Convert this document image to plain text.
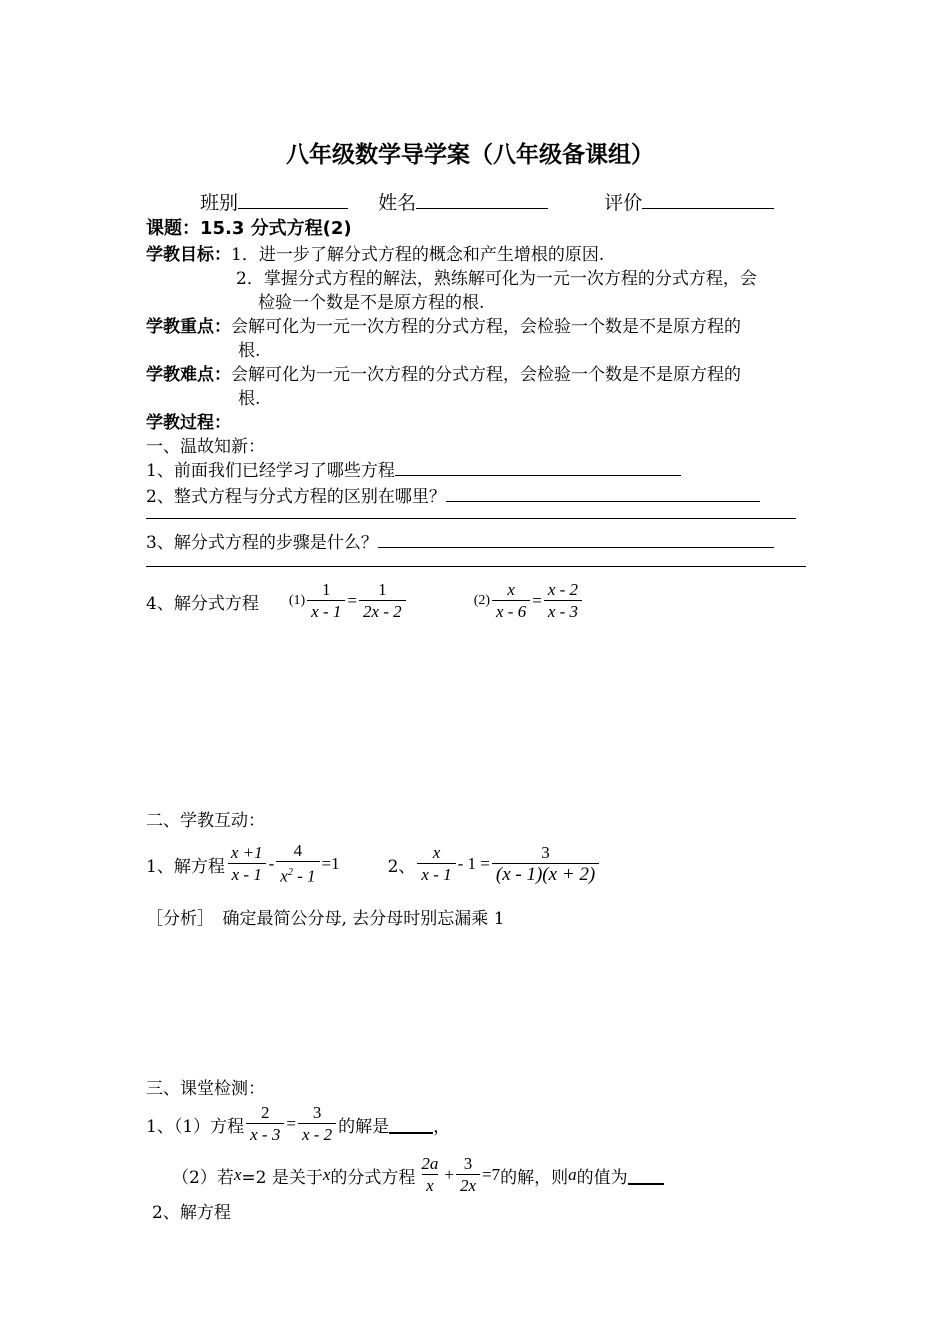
八年级数学导学案（八年级备课组）
班别	姓名	评价
课题：15.3 分式方程(2)
学教目标：1．进一步了解分式方程的概念和产生增根的原因.
2．掌握分式方程的解法，熟练解可化为一元一次方程的分式方程，会
检验一个数是不是原方程的根.
学教重点：会解可化为一元一次方程的分式方程，会检验一个数是不是原方程的
根.
学教难点：会解可化为一元一次方程的分式方程，会检验一个数是不是原方程的
根.
学教过程：
一、温故知新：
1、前面我们已经学习了哪些方程
2、整式方程与分式方程的区别在哪里？
3、解分式方程的步骤是什么？
4、解分式方程 $(1) \frac{1}{x - 1} = \frac{1}{2x - 2}$	$(2) \frac{x}{x - 6} = \frac{x - 2}{x - 3}$
二、学教互动：
1、解方程 $\frac{x +1}{x - 1} - \frac{4}{x^2 - 1} =1$	2、 $\frac{x}{x - 1} - 1 = \frac{3}{(x - 1)(x + 2)}$
［分析］　确定最简公分母, 去分母时别忘漏乘 1
三、课堂检测：
1、（1）方程 $\frac{2}{x - 3} = \frac{3}{x - 2}$ 的解是	，
（2）若 x =2 是关于 x 的分式方程 $\frac{2a}{x} + \frac{3}{2x} =7$ 的解，则 a 的值为
2、解方程
